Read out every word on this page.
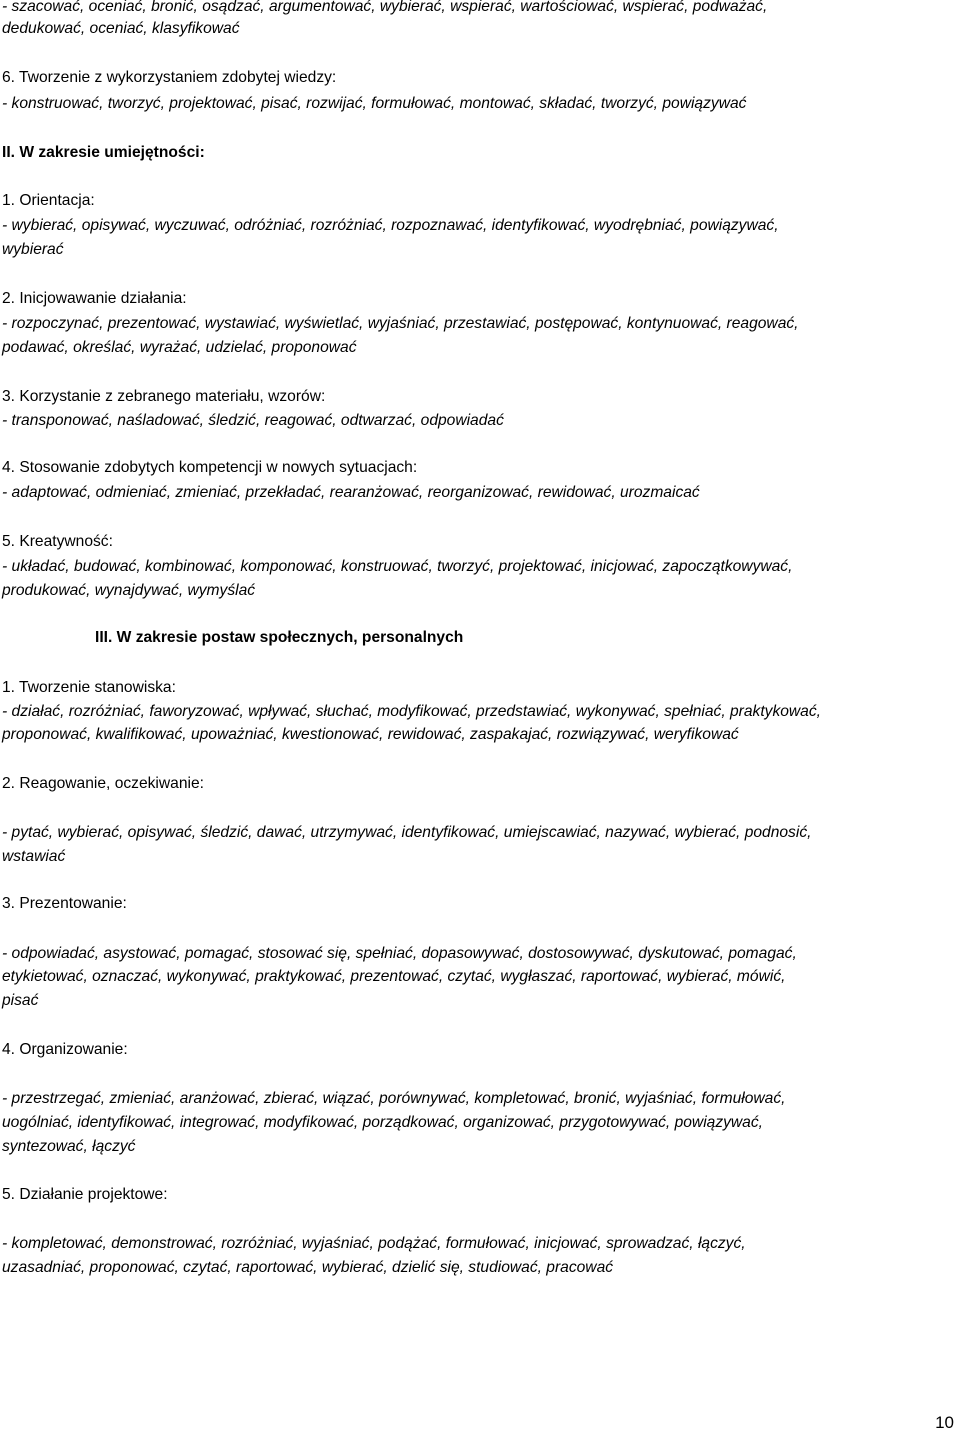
- szacować, oceniać, bronić, osądzać, argumentować, wybierać, wspierać, wartościować, wspierać, podważać,

dedukować, oceniać, klasyfikować

6. Tworzenie z wykorzystaniem zdobytej wiedzy:

- konstruować, tworzyć, projektować, pisać, rozwijać, formułować, montować, składać, tworzyć, powiązywać

II. W zakresie umiejętności:

1. Orientacja:

- wybierać, opisywać, wyczuwać, odróżniać, rozróżniać, rozpoznawać, identyfikować, wyodrębniać, powiązywać,

wybierać

2. Inicjowawanie działania:

- rozpoczynać, prezentować, wystawiać, wyświetlać, wyjaśniać, przestawiać, postępować, kontynuować, reagować,

podawać, określać, wyrażać, udzielać, proponować

3. Korzystanie z zebranego materiału, wzorów:

- transponować, naśladować, śledzić, reagować, odtwarzać, odpowiadać

4. Stosowanie zdobytych kompetencji w nowych sytuacjach:

- adaptować, odmieniać, zmieniać, przekładać, rearanżować, reorganizować, rewidować, urozmaicać

5. Kreatywność:

- układać, budować, kombinować, komponować, konstruować, tworzyć, projektować, inicjować, zapoczątkowywać,

produkować, wynajdywać, wymyślać

III. W zakresie postaw społecznych, personalnych

1. Tworzenie stanowiska:

- działać, rozróżniać, faworyzować, wpływać, słuchać, modyfikować, przedstawiać, wykonywać, spełniać, praktykować,

proponować, kwalifikować, upoważniać, kwestionować, rewidować, zaspakajać, rozwiązywać, weryfikować

2. Reagowanie, oczekiwanie:

- pytać, wybierać, opisywać, śledzić, dawać, utrzymywać, identyfikować, umiejscawiać, nazywać, wybierać, podnosić,

wstawiać

3. Prezentowanie:

- odpowiadać, asystować, pomagać, stosować się, spełniać, dopasowywać, dostosowywać, dyskutować, pomagać,

etykietować, oznaczać, wykonywać, praktykować, prezentować, czytać, wygłaszać, raportować, wybierać, mówić,

pisać

4. Organizowanie:

- przestrzegać, zmieniać, aranżować, zbierać, wiązać, porównywać, kompletować, bronić, wyjaśniać, formułować,

uogólniać, identyfikować, integrować, modyfikować, porządkować, organizować, przygotowywać, powiązywać,

syntezować, łączyć

5. Działanie projektowe:

- kompletować, demonstrować, rozróżniać, wyjaśniać, podążać, formułować, inicjować, sprowadzać, łączyć,

uzasadniać, proponować, czytać, raportować, wybierać, dzielić się, studiować, pracować

10
